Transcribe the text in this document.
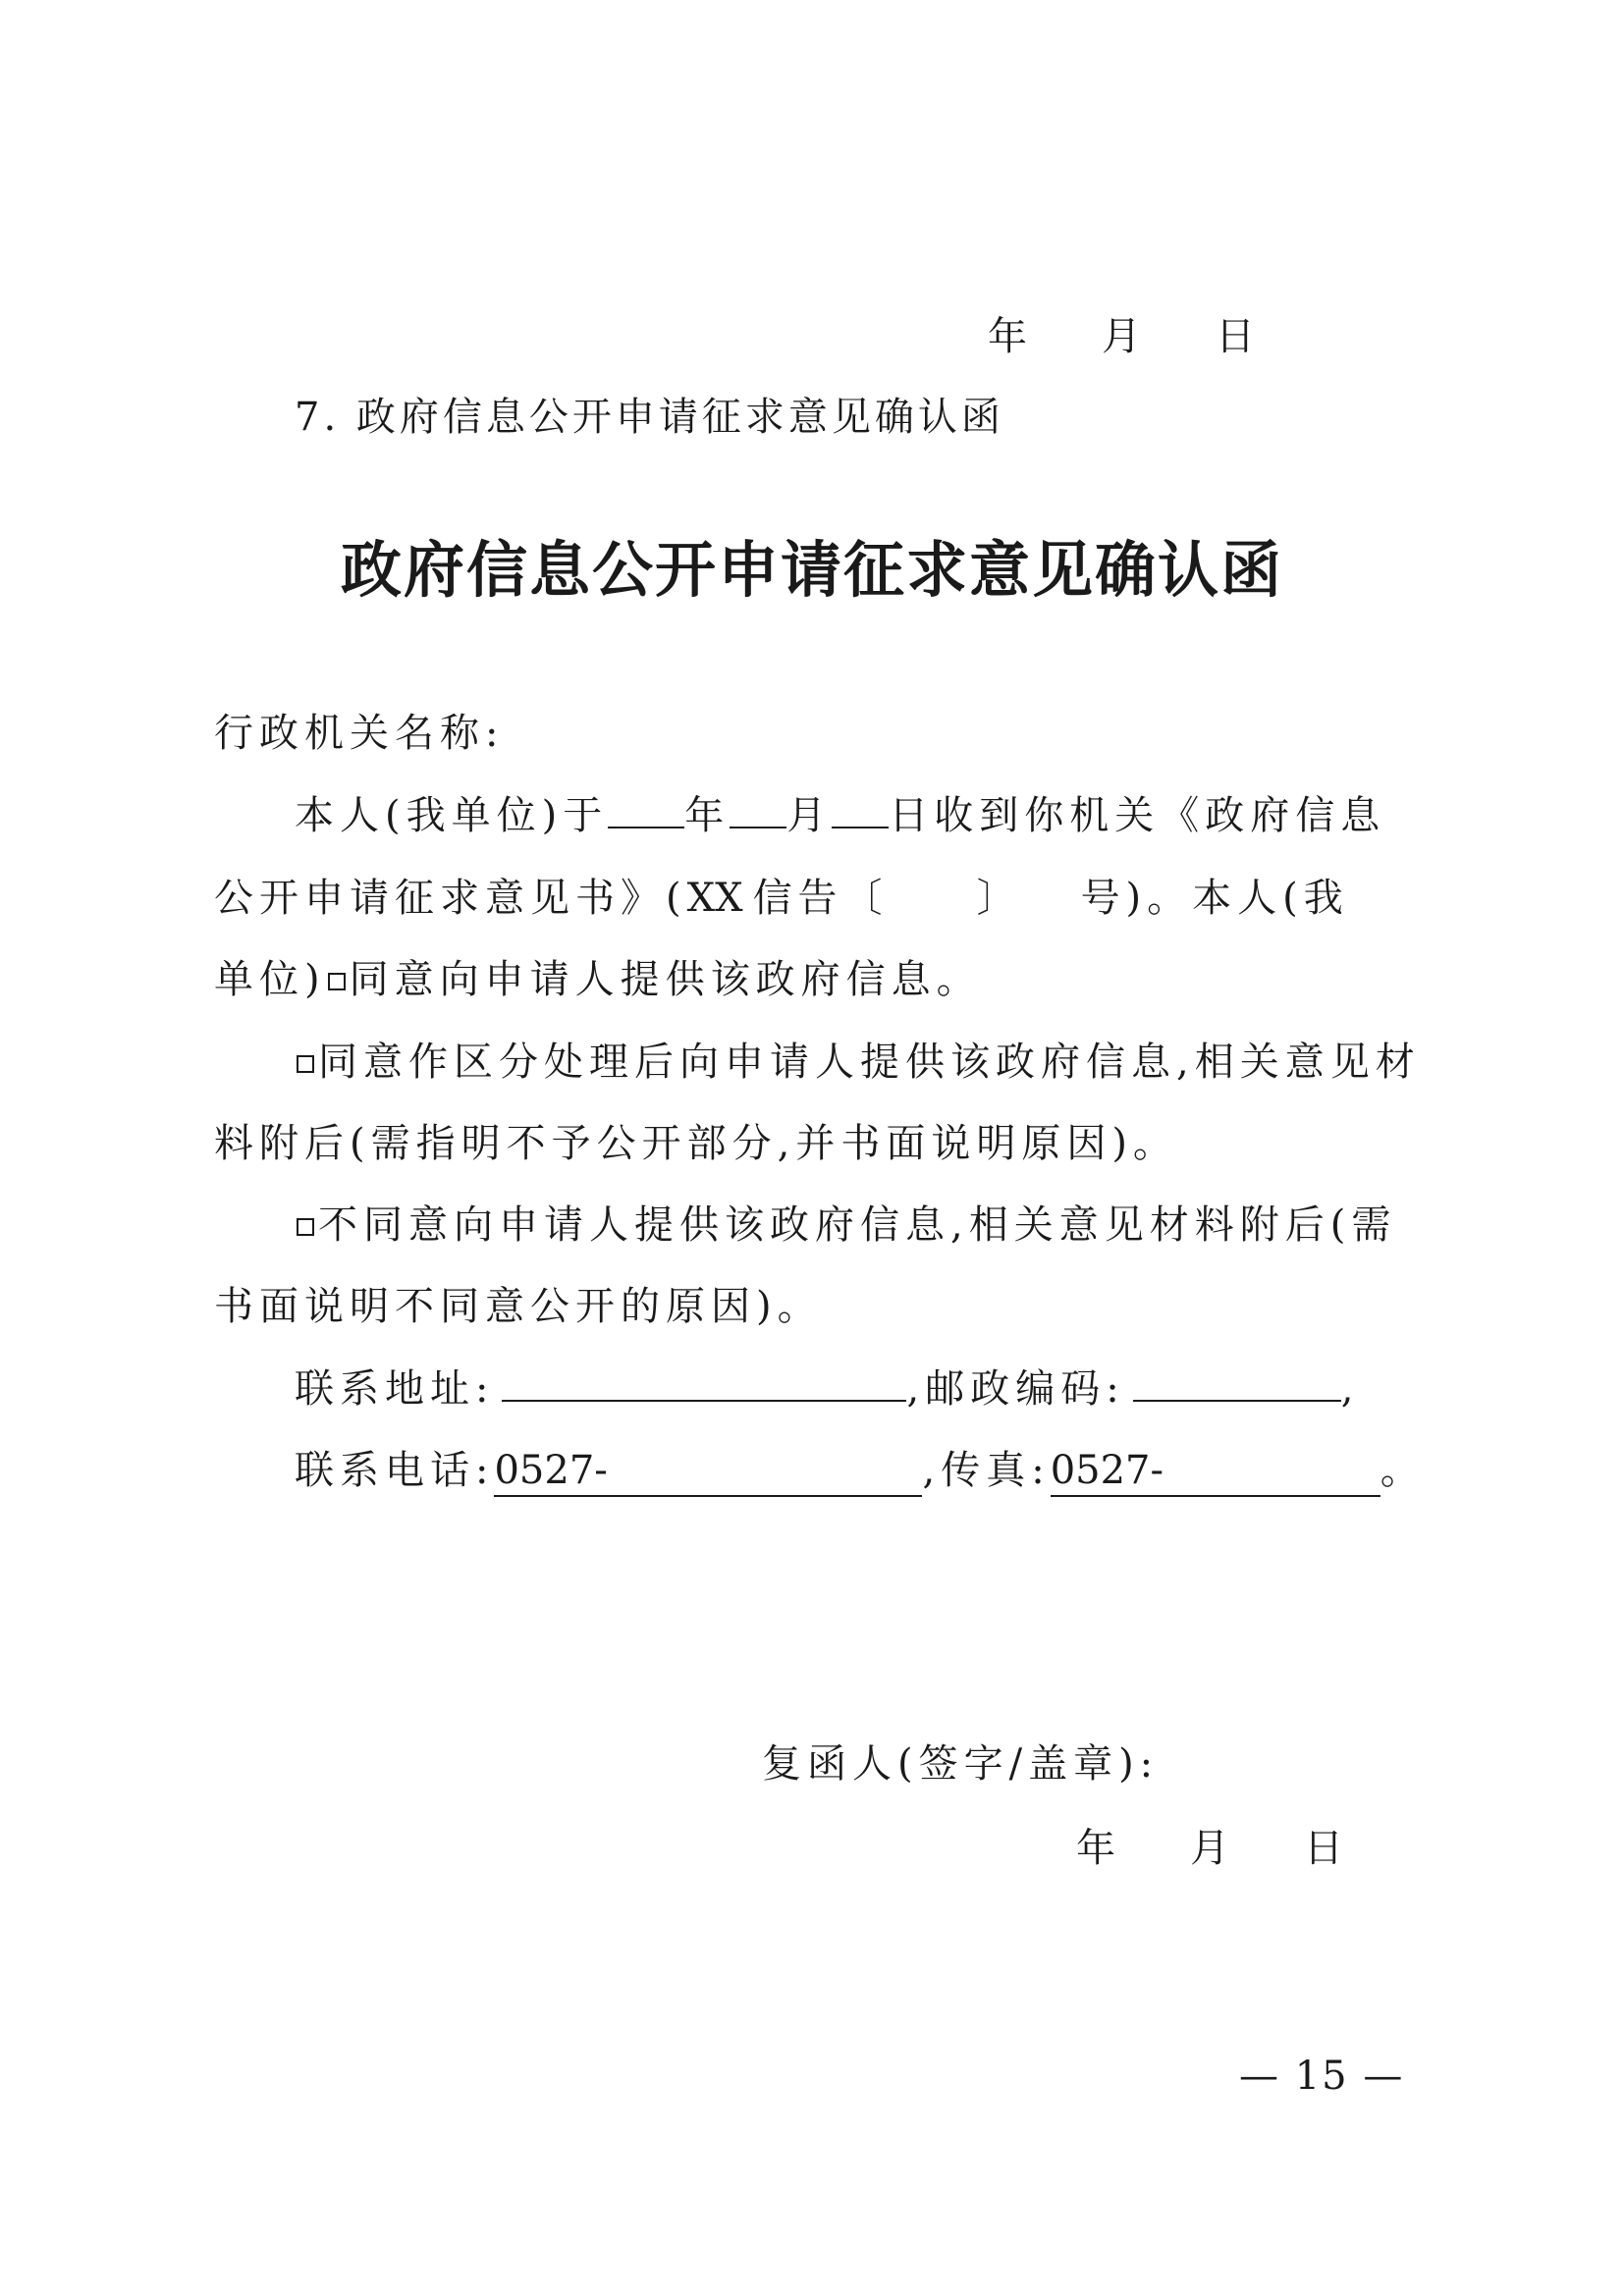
年 月 日
7. 政府信息公开申请征求意见确认函
政府信息公开申请征求意见确认函
行政机关名称:
本人(我单位)于 年 月 日收到你机关《政府信息
公开申请征求意见书》(XX 信告〔 〕 号)。本人(我
单位) 同意向申请人提供该政府信息。
同意作区分处理后向申请人提供该政府信息,相关意见材
料附后(需指明不予公开部分,并书面说明原因)。
不同意向申请人提供该政府信息,相关意见材料附后(需
书面说明不同意公开的原因)。
联系地址:	,邮政编码:	,
联系电话:0527-	,传真:0527-	。
复函人(签字/盖章):
年 月 日
— 15 —
